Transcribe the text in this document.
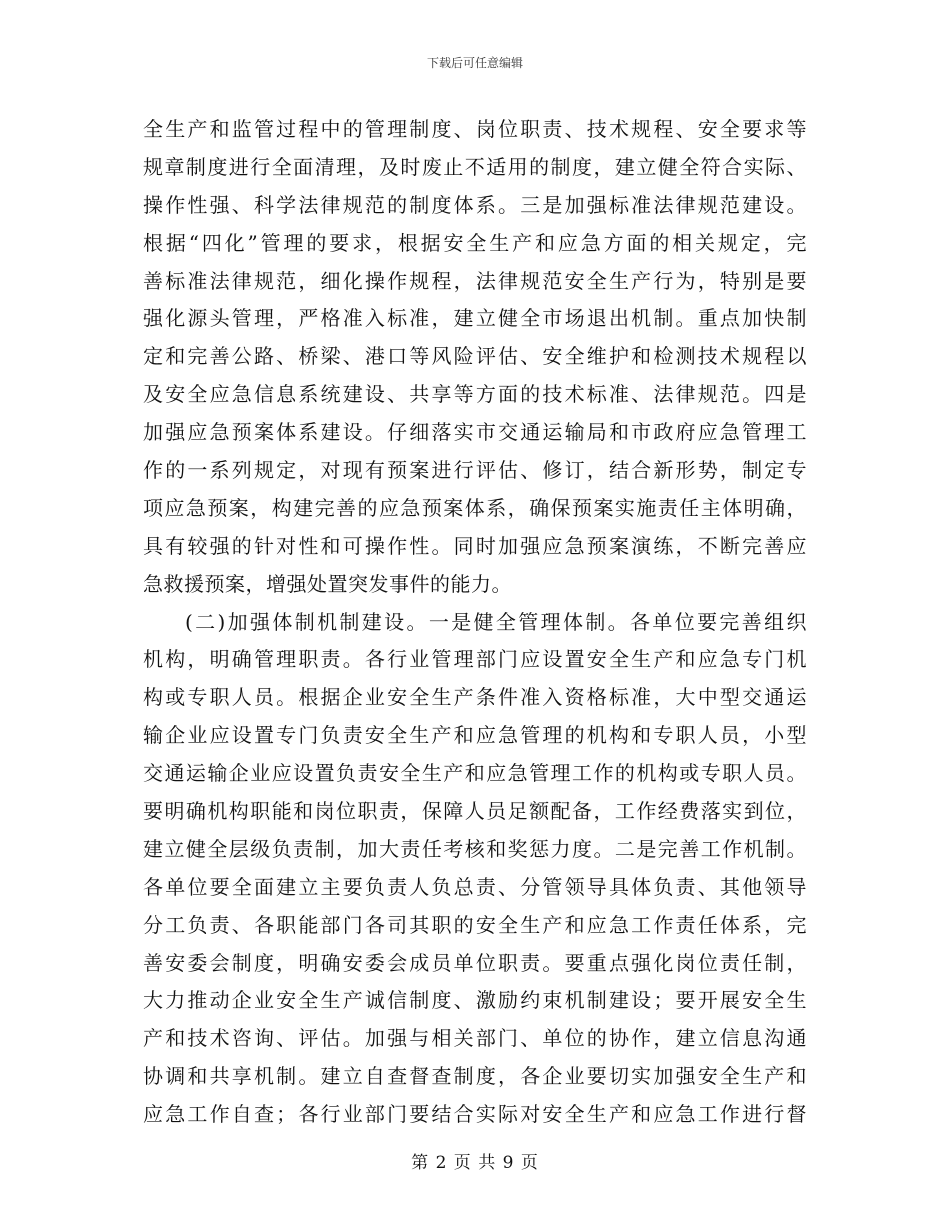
下载后可任意编辑
全生产和监管过程中的管理制度、岗位职责、技术规程、安全要求等
规章制度进行全面清理，及时废止不适用的制度，建立健全符合实际、
操作性强、科学法律规范的制度体系。三是加强标准法律规范建设。
根据“四化”管理的要求，根据安全生产和应急方面的相关规定，完
善标准法律规范，细化操作规程，法律规范安全生产行为，特别是要
强化源头管理，严格准入标准，建立健全市场退出机制。重点加快制
定和完善公路、桥梁、港口等风险评估、安全维护和检测技术规程以
及安全应急信息系统建设、共享等方面的技术标准、法律规范。四是
加强应急预案体系建设。仔细落实市交通运输局和市政府应急管理工
作的一系列规定，对现有预案进行评估、修订，结合新形势，制定专
项应急预案，构建完善的应急预案体系，确保预案实施责任主体明确，
具有较强的针对性和可操作性。同时加强应急预案演练，不断完善应
急救援预案，增强处置突发事件的能力。
(二)加强体制机制建设。一是健全管理体制。各单位要完善组织
机构，明确管理职责。各行业管理部门应设置安全生产和应急专门机
构或专职人员。根据企业安全生产条件准入资格标准，大中型交通运
输企业应设置专门负责安全生产和应急管理的机构和专职人员，小型
交通运输企业应设置负责安全生产和应急管理工作的机构或专职人员。
要明确机构职能和岗位职责，保障人员足额配备，工作经费落实到位，
建立健全层级负责制，加大责任考核和奖惩力度。二是完善工作机制。
各单位要全面建立主要负责人负总责、分管领导具体负责、其他领导
分工负责、各职能部门各司其职的安全生产和应急工作责任体系，完
善安委会制度，明确安委会成员单位职责。要重点强化岗位责任制，
大力推动企业安全生产诚信制度、激励约束机制建设；要开展安全生
产和技术咨询、评估。加强与相关部门、单位的协作，建立信息沟通
协调和共享机制。建立自查督查制度，各企业要切实加强安全生产和
应急工作自查；各行业部门要结合实际对安全生产和应急工作进行督
第 2 页 共 9 页
